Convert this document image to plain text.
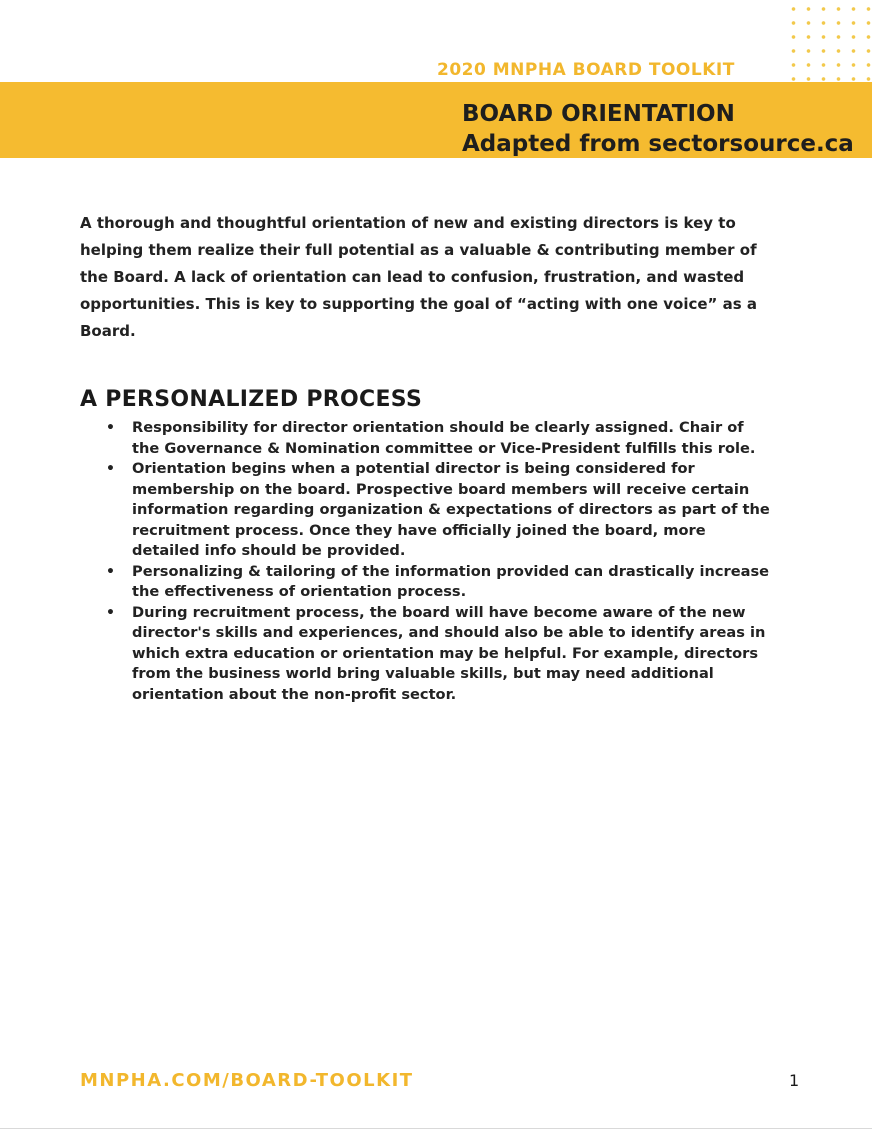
2020 MNPHA BOARD TOOLKIT
BOARD ORIENTATION
Adapted from sectorsource.ca

A thorough and thoughtful orientation of new and existing directors is key to helping them realize their full potential as a valuable & contributing member of the Board. A lack of orientation can lead to confusion, frustration, and wasted opportunities. This is key to supporting the goal of “acting with one voice” as a Board.

A PERSONALIZED PROCESS
• Responsibility for director orientation should be clearly assigned. Chair of the Governance & Nomination committee or Vice-President fulfills this role.
• Orientation begins when a potential director is being considered for membership on the board. Prospective board members will receive certain information regarding organization & expectations of directors as part of the recruitment process. Once they have officially joined the board, more detailed info should be provided.
• Personalizing & tailoring of the information provided can drastically increase the effectiveness of orientation process.
• During recruitment process, the board will have become aware of the new director's skills and experiences, and should also be able to identify areas in which extra education or orientation may be helpful. For example, directors from the business world bring valuable skills, but may need additional orientation about the non-profit sector.
MNPHA.COM/BOARD-TOOLKIT	1
